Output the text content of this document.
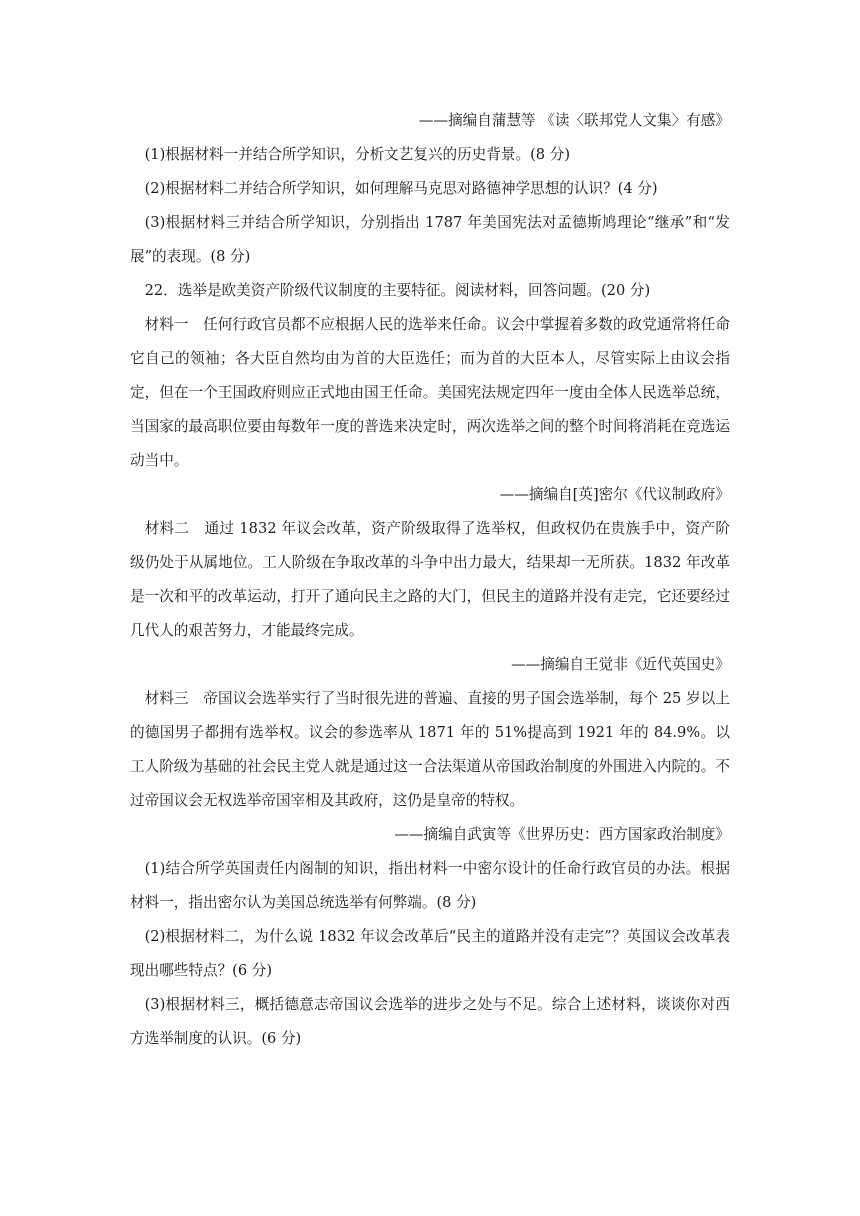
——摘编自蒲慧等 《读〈联邦党人文集〉有感》
(1)根据材料一并结合所学知识，分析文艺复兴的历史背景。(8 分)
(2)根据材料二并结合所学知识，如何理解马克思对路德神学思想的认识？(4 分)
(3)根据材料三并结合所学知识，分别指出 1787 年美国宪法对孟德斯鸠理论“继承”和“发展”的表现。(8 分)
22．选举是欧美资产阶级代议制度的主要特征。阅读材料，回答问题。(20 分)
材料一　任何行政官员都不应根据人民的选举来任命。议会中掌握着多数的政党通常将任命它自己的领袖；各大臣自然均由为首的大臣选任；而为首的大臣本人，尽管实际上由议会指定，但在一个王国政府则应正式地由国王任命。美国宪法规定四年一度由全体人民选举总统，当国家的最高职位要由每数年一度的普选来决定时，两次选举之间的整个时间将消耗在竞选运动当中。
——摘编自[英]密尔《代议制政府》
材料二　通过 1832 年议会改革，资产阶级取得了选举权，但政权仍在贵族手中，资产阶级仍处于从属地位。工人阶级在争取改革的斗争中出力最大，结果却一无所获。1832 年改革是一次和平的改革运动，打开了通向民主之路的大门，但民主的道路并没有走完，它还要经过几代人的艰苦努力，才能最终完成。
——摘编自王觉非《近代英国史》
材料三　帝国议会选举实行了当时很先进的普遍、直接的男子国会选举制，每个 25 岁以上的德国男子都拥有选举权。议会的参选率从 1871 年的 51%提高到 1921 年的 84.9%。以工人阶级为基础的社会民主党人就是通过这一合法渠道从帝国政治制度的外围进入内院的。不过帝国议会无权选举帝国宰相及其政府，这仍是皇帝的特权。
——摘编自武寅等《世界历史：西方国家政治制度》
(1)结合所学英国责任内阁制的知识，指出材料一中密尔设计的任命行政官员的办法。根据材料一，指出密尔认为美国总统选举有何弊端。(8 分)
(2)根据材料二，为什么说 1832 年议会改革后“民主的道路并没有走完”？英国议会改革表现出哪些特点？(6 分)
(3)根据材料三，概括德意志帝国议会选举的进步之处与不足。综合上述材料，谈谈你对西方选举制度的认识。(6 分)
